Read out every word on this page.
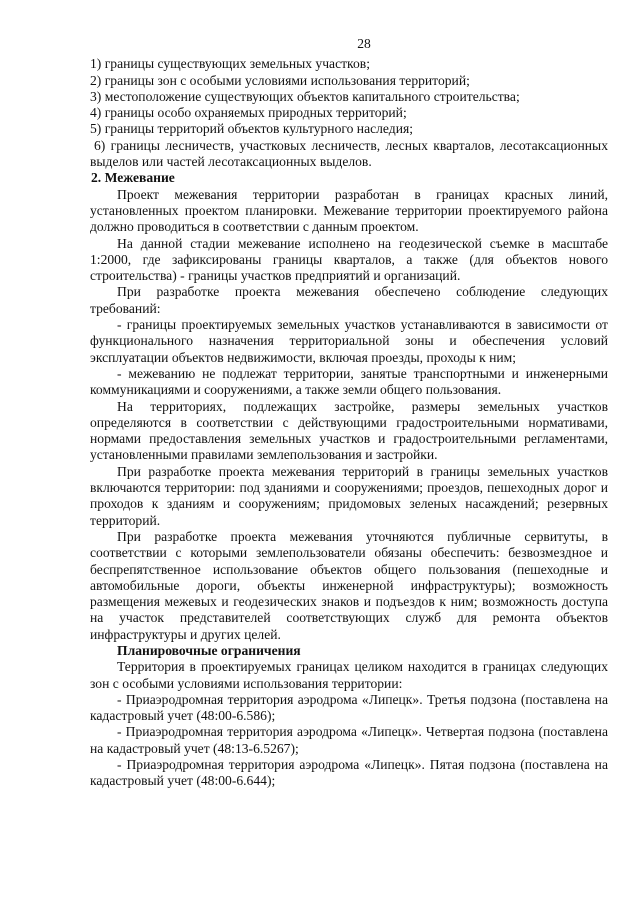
28
1) границы существующих земельных участков;
2) границы зон с особыми условиями использования территорий;
3) местоположение существующих объектов капитального строительства;
4) границы особо охраняемых природных территорий;
5) границы территорий объектов культурного наследия;
6) границы лесничеств, участковых лесничеств, лесных кварталов, лесотаксационных выделов или частей лесотаксационных выделов.
2. Межевание
Проект межевания территории разработан в границах красных линий, установленных проектом планировки. Межевание территории проектируемого района должно проводиться в соответствии с данным проектом.
На данной стадии межевание исполнено на геодезической съемке в масштабе 1:2000, где зафиксированы границы кварталов, а также (для объектов нового строительства) - границы участков предприятий и организаций.
При разработке проекта межевания обеспечено соблюдение следующих требований:
- границы проектируемых земельных участков устанавливаются в зависимости от функционального назначения территориальной зоны и обеспечения условий эксплуатации объектов недвижимости, включая проезды, проходы к ним;
- межеванию не подлежат территории, занятые транспортными и инженерными коммуникациями и сооружениями, а также земли общего пользования.
На территориях, подлежащих застройке, размеры земельных участков определяются в соответствии с действующими градостроительными нормативами, нормами предоставления земельных участков и градостроительными регламентами, установленными правилами землепользования и застройки.
При разработке проекта межевания территорий в границы земельных участков включаются территории: под зданиями и сооружениями; проездов, пешеходных дорог и проходов к зданиям и сооружениям; придомовых зеленых насаждений; резервных территорий.
При разработке проекта межевания уточняются публичные сервитуты, в соответствии с которыми землепользователи обязаны обеспечить: безвозмездное и беспрепятственное использование объектов общего пользования (пешеходные и автомобильные дороги, объекты инженерной инфраструктуры); возможность размещения межевых и геодезических знаков и подъездов к ним; возможность доступа на участок представителей соответствующих служб для ремонта объектов инфраструктуры и других целей.
Планировочные ограничения
Территория в проектируемых границах целиком находится в границах следующих зон с особыми условиями использования территории:
- Приаэродромная территория аэродрома «Липецк». Третья подзона (поставлена на кадастровый учет (48:00-6.586);
- Приаэродромная территория аэродрома «Липецк». Четвертая подзона (поставлена на кадастровый учет (48:13-6.5267);
- Приаэродромная территория аэродрома «Липецк». Пятая подзона (поставлена на кадастровый учет (48:00-6.644);
